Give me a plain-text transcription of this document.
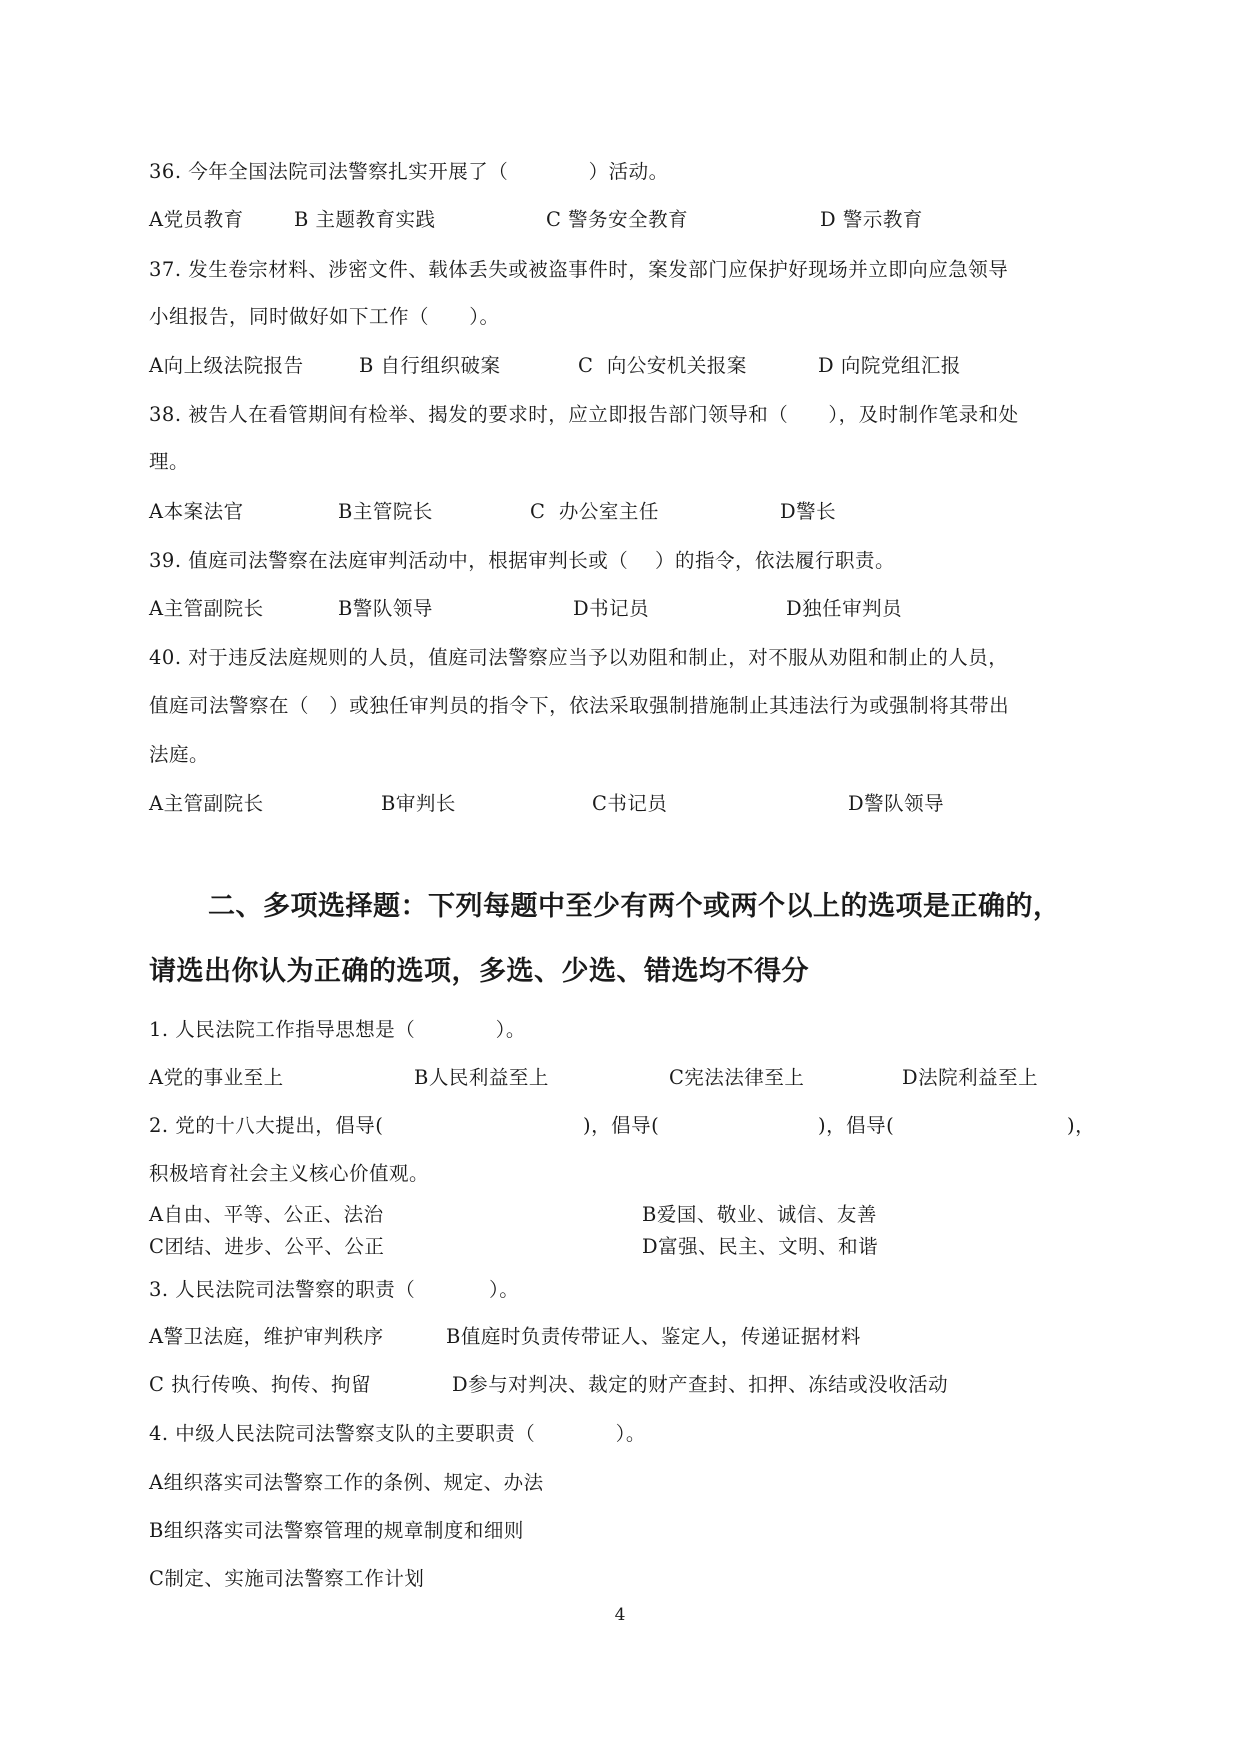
36. 今年全国法院司法警察扎实开展了（            ）活动。
A党员教育	B 主题教育实践	C 警务安全教育	D 警示教育
37. 发生卷宗材料、涉密文件、载体丢失或被盗事件时，案发部门应保护好现场并立即向应急领导
小组报告，同时做好如下工作（      ）。
A向上级法院报告	B 自行组织破案	C  向公安机关报案	D 向院党组汇报
38. 被告人在看管期间有检举、揭发的要求时，应立即报告部门领导和（      ），及时制作笔录和处
理。
A本案法官	B主管院长	C  办公室主任	D警长
39. 值庭司法警察在法庭审判活动中，根据审判长或（    ）的指令，依法履行职责。
A主管副院长	B警队领导	D书记员	D独任审判员
40. 对于违反法庭规则的人员，值庭司法警察应当予以劝阻和制止，对不服从劝阻和制止的人员，
值庭司法警察在（   ）或独任审判员的指令下，依法采取强制措施制止其违法行为或强制将其带出
法庭。
A主管副院长	B审判长	C书记员	D警队领导
二、多项选择题：下列每题中至少有两个或两个以上的选项是正确的，
请选出你认为正确的选项，多选、少选、错选均不得分
1. 人民法院工作指导思想是（            ）。
A党的事业至上	B人民利益至上	C宪法法律至上	D法院利益至上
2. 党的十八大提出，倡导(	)，倡导(	)，倡导(	)，
积极培育社会主义核心价值观。
A自由、平等、公正、法治	B爱国、敬业、诚信、友善
C团结、进步、公平、公正	D富强、民主、文明、和谐
3. 人民法院司法警察的职责（           ）。
A警卫法庭，维护审判秩序	B值庭时负责传带证人、鉴定人，传递证据材料
C 执行传唤、拘传、拘留	D参与对判决、裁定的财产查封、扣押、冻结或没收活动
4. 中级人民法院司法警察支队的主要职责（            ）。
A组织落实司法警察工作的条例、规定、办法
B组织落实司法警察管理的规章制度和细则
C制定、实施司法警察工作计划
4
